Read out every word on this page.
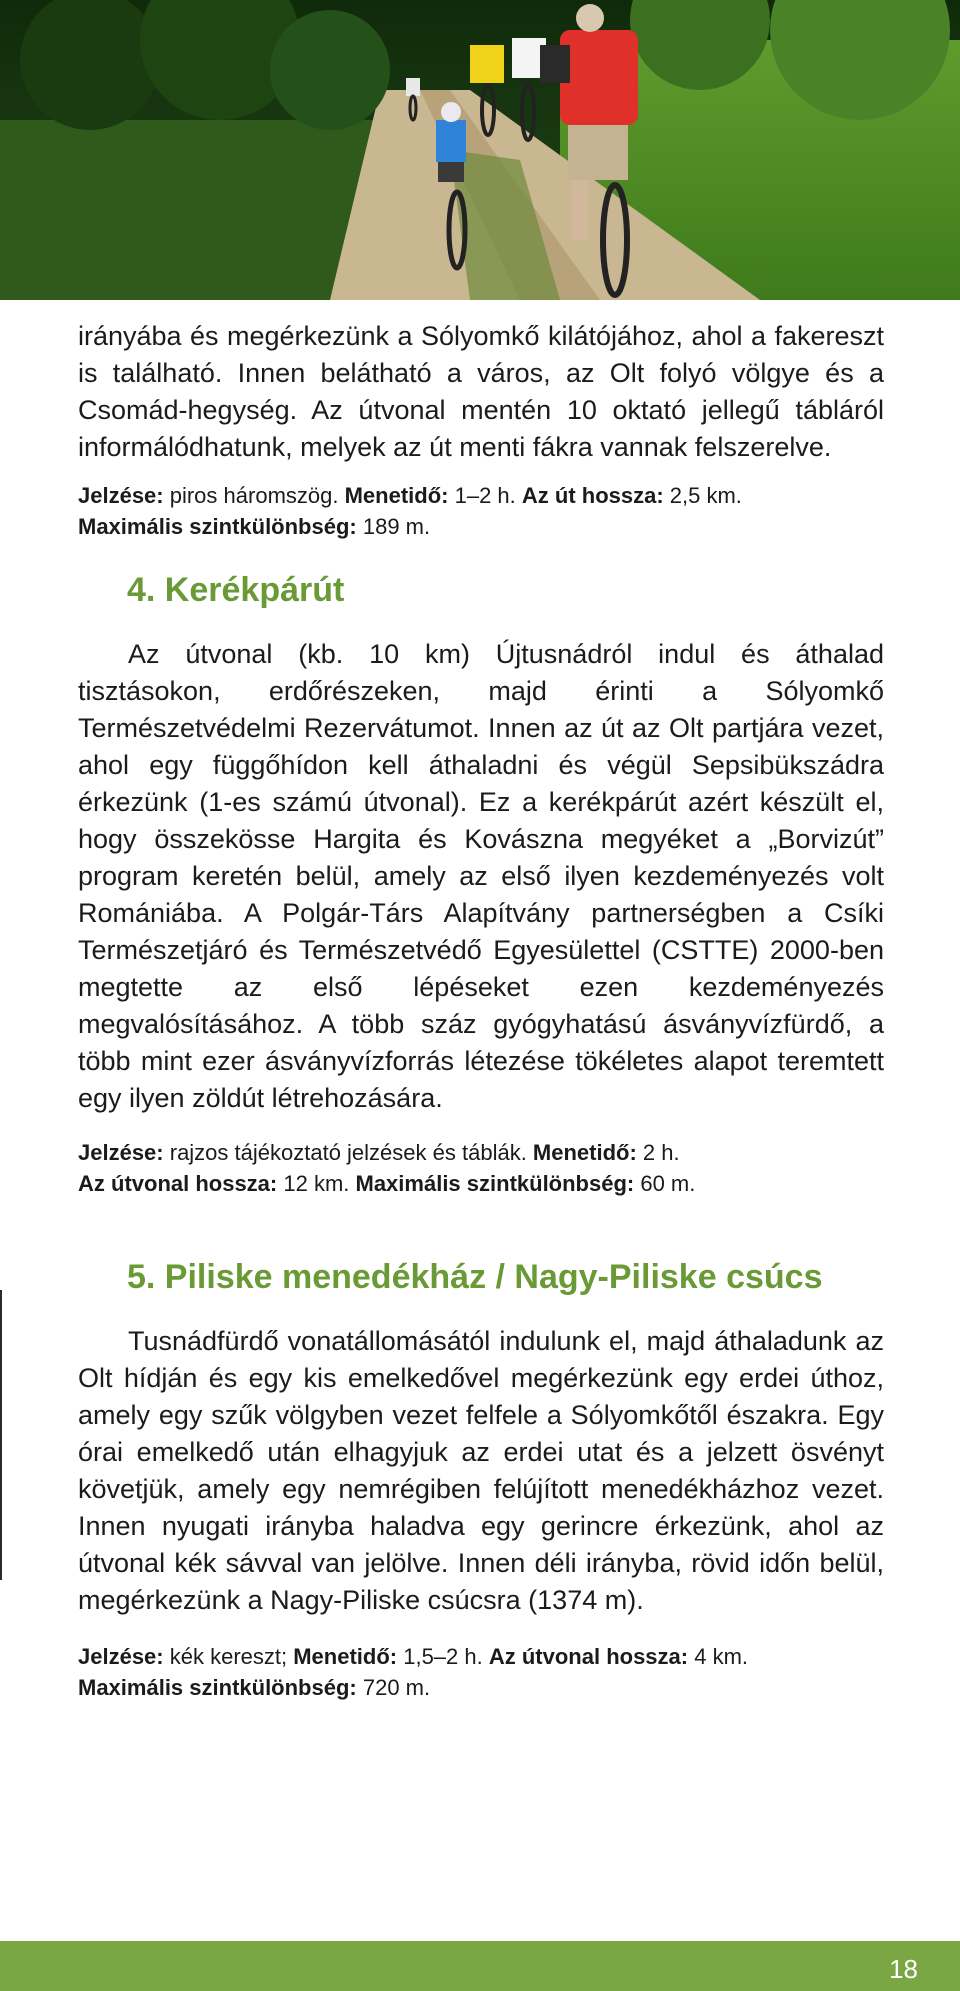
irányába és megérkezünk a Sólyomkő kilátójához, ahol a fakereszt is található. Innen belátható a város, az Olt folyó völgye és a Csomád-hegység. Az útvonal mentén 10 oktató jellegű tábláról informálódhatunk, melyek az út menti fákra vannak felszerelve.

Jelzése: piros háromszög. Menetidő: 1–2 h. Az út hossza: 2,5 km.
Maximális szintkülönbség: 189 m.

4. Kerékpárút

Az útvonal (kb. 10 km) Újtusnádról indul és áthalad tisztásokon, erdőrészeken, majd érinti a Sólyomkő Természetvédelmi Rezervátumot. Innen az út az Olt partjára vezet, ahol egy függőhídon kell áthaladni és végül Sepsibükszádra érkezünk (1-es számú útvonal). Ez a kerékpárút azért készült el, hogy összekösse Hargita és Kovászna megyéket a „Borvizút” program keretén belül, amely az első ilyen kezdeményezés volt Romániába. A Polgár-Társ Alapítvány partnerségben a Csíki Természetjáró és Természetvédő Egyesülettel (CSTTE) 2000-ben megtette az első lépéseket ezen kezdeményezés megvalósításához. A több száz gyógyhatású ásványvízfürdő, a több mint ezer ásványvízforrás létezése tökéletes alapot teremtett egy ilyen zöldút létrehozására.

Jelzése: rajzos tájékoztató jelzések és táblák. Menetidő: 2 h.
Az útvonal hossza: 12 km. Maximális szintkülönbség: 60 m.

5. Piliske menedékház / Nagy-Piliske csúcs

Tusnádfürdő vonatállomásától indulunk el, majd áthaladunk az Olt hídján és egy kis emelkedővel megérkezünk egy erdei úthoz, amely egy szűk völgyben vezet felfele a Sólyomkőtől északra. Egy órai emelkedő után elhagyjuk az erdei utat és a jelzett ösvényt követjük, amely egy nemrégiben felújított menedékházhoz vezet. Innen nyugati irányba haladva egy gerincre érkezünk, ahol az útvonal kék sávval van jelölve. Innen déli irányba, rövid időn belül, megérkezünk a Nagy-Piliske csúcsra (1374 m).

Jelzése: kék kereszt; Menetidő: 1,5–2 h. Az útvonal hossza: 4 km.
Maximális szintkülönbség: 720 m.

18
